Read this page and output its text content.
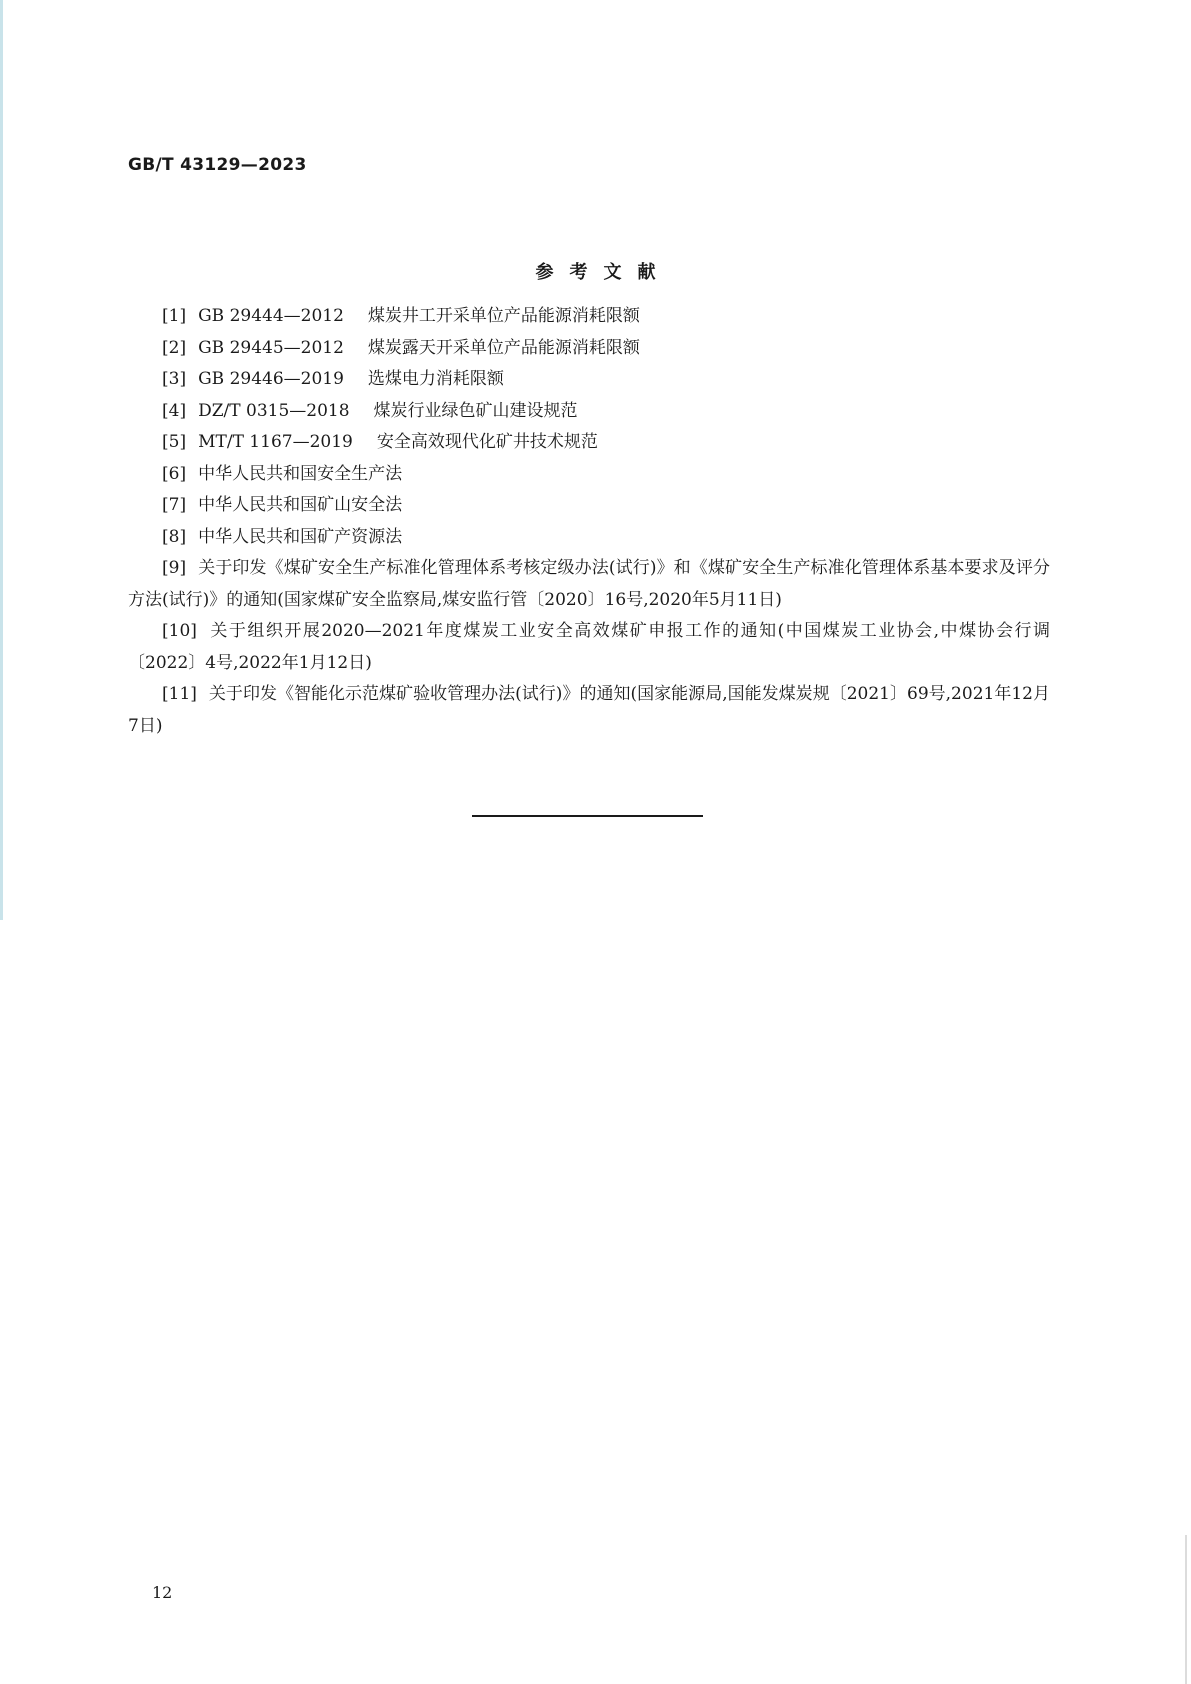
GB/T 43129—2023
参考文献

[1] GB 29444—2012 煤炭井工开采单位产品能源消耗限额

[2] GB 29445—2012 煤炭露天开采单位产品能源消耗限额

[3] GB 29446—2019 选煤电力消耗限额

[4] DZ/T 0315—2018 煤炭行业绿色矿山建设规范

[5] MT/T 1167—2019 安全高效现代化矿井技术规范

[6] 中华人民共和国安全生产法

[7] 中华人民共和国矿山安全法

[8] 中华人民共和国矿产资源法

[9] 关于印发《煤矿安全生产标准化管理体系考核定级办法(试行)》和《煤矿安全生产标准化管理体系基本要求及评分方法(试行)》的通知(国家煤矿安全监察局,煤安监行管〔2020〕16号,2020年5月11日)

[10] 关于组织开展2020—2021年度煤炭工业安全高效煤矿申报工作的通知(中国煤炭工业协会,中煤协会行调〔2022〕4号,2022年1月12日)

[11] 关于印发《智能化示范煤矿验收管理办法(试行)》的通知(国家能源局,国能发煤炭规〔2021〕69号,2021年12月7日)

12
